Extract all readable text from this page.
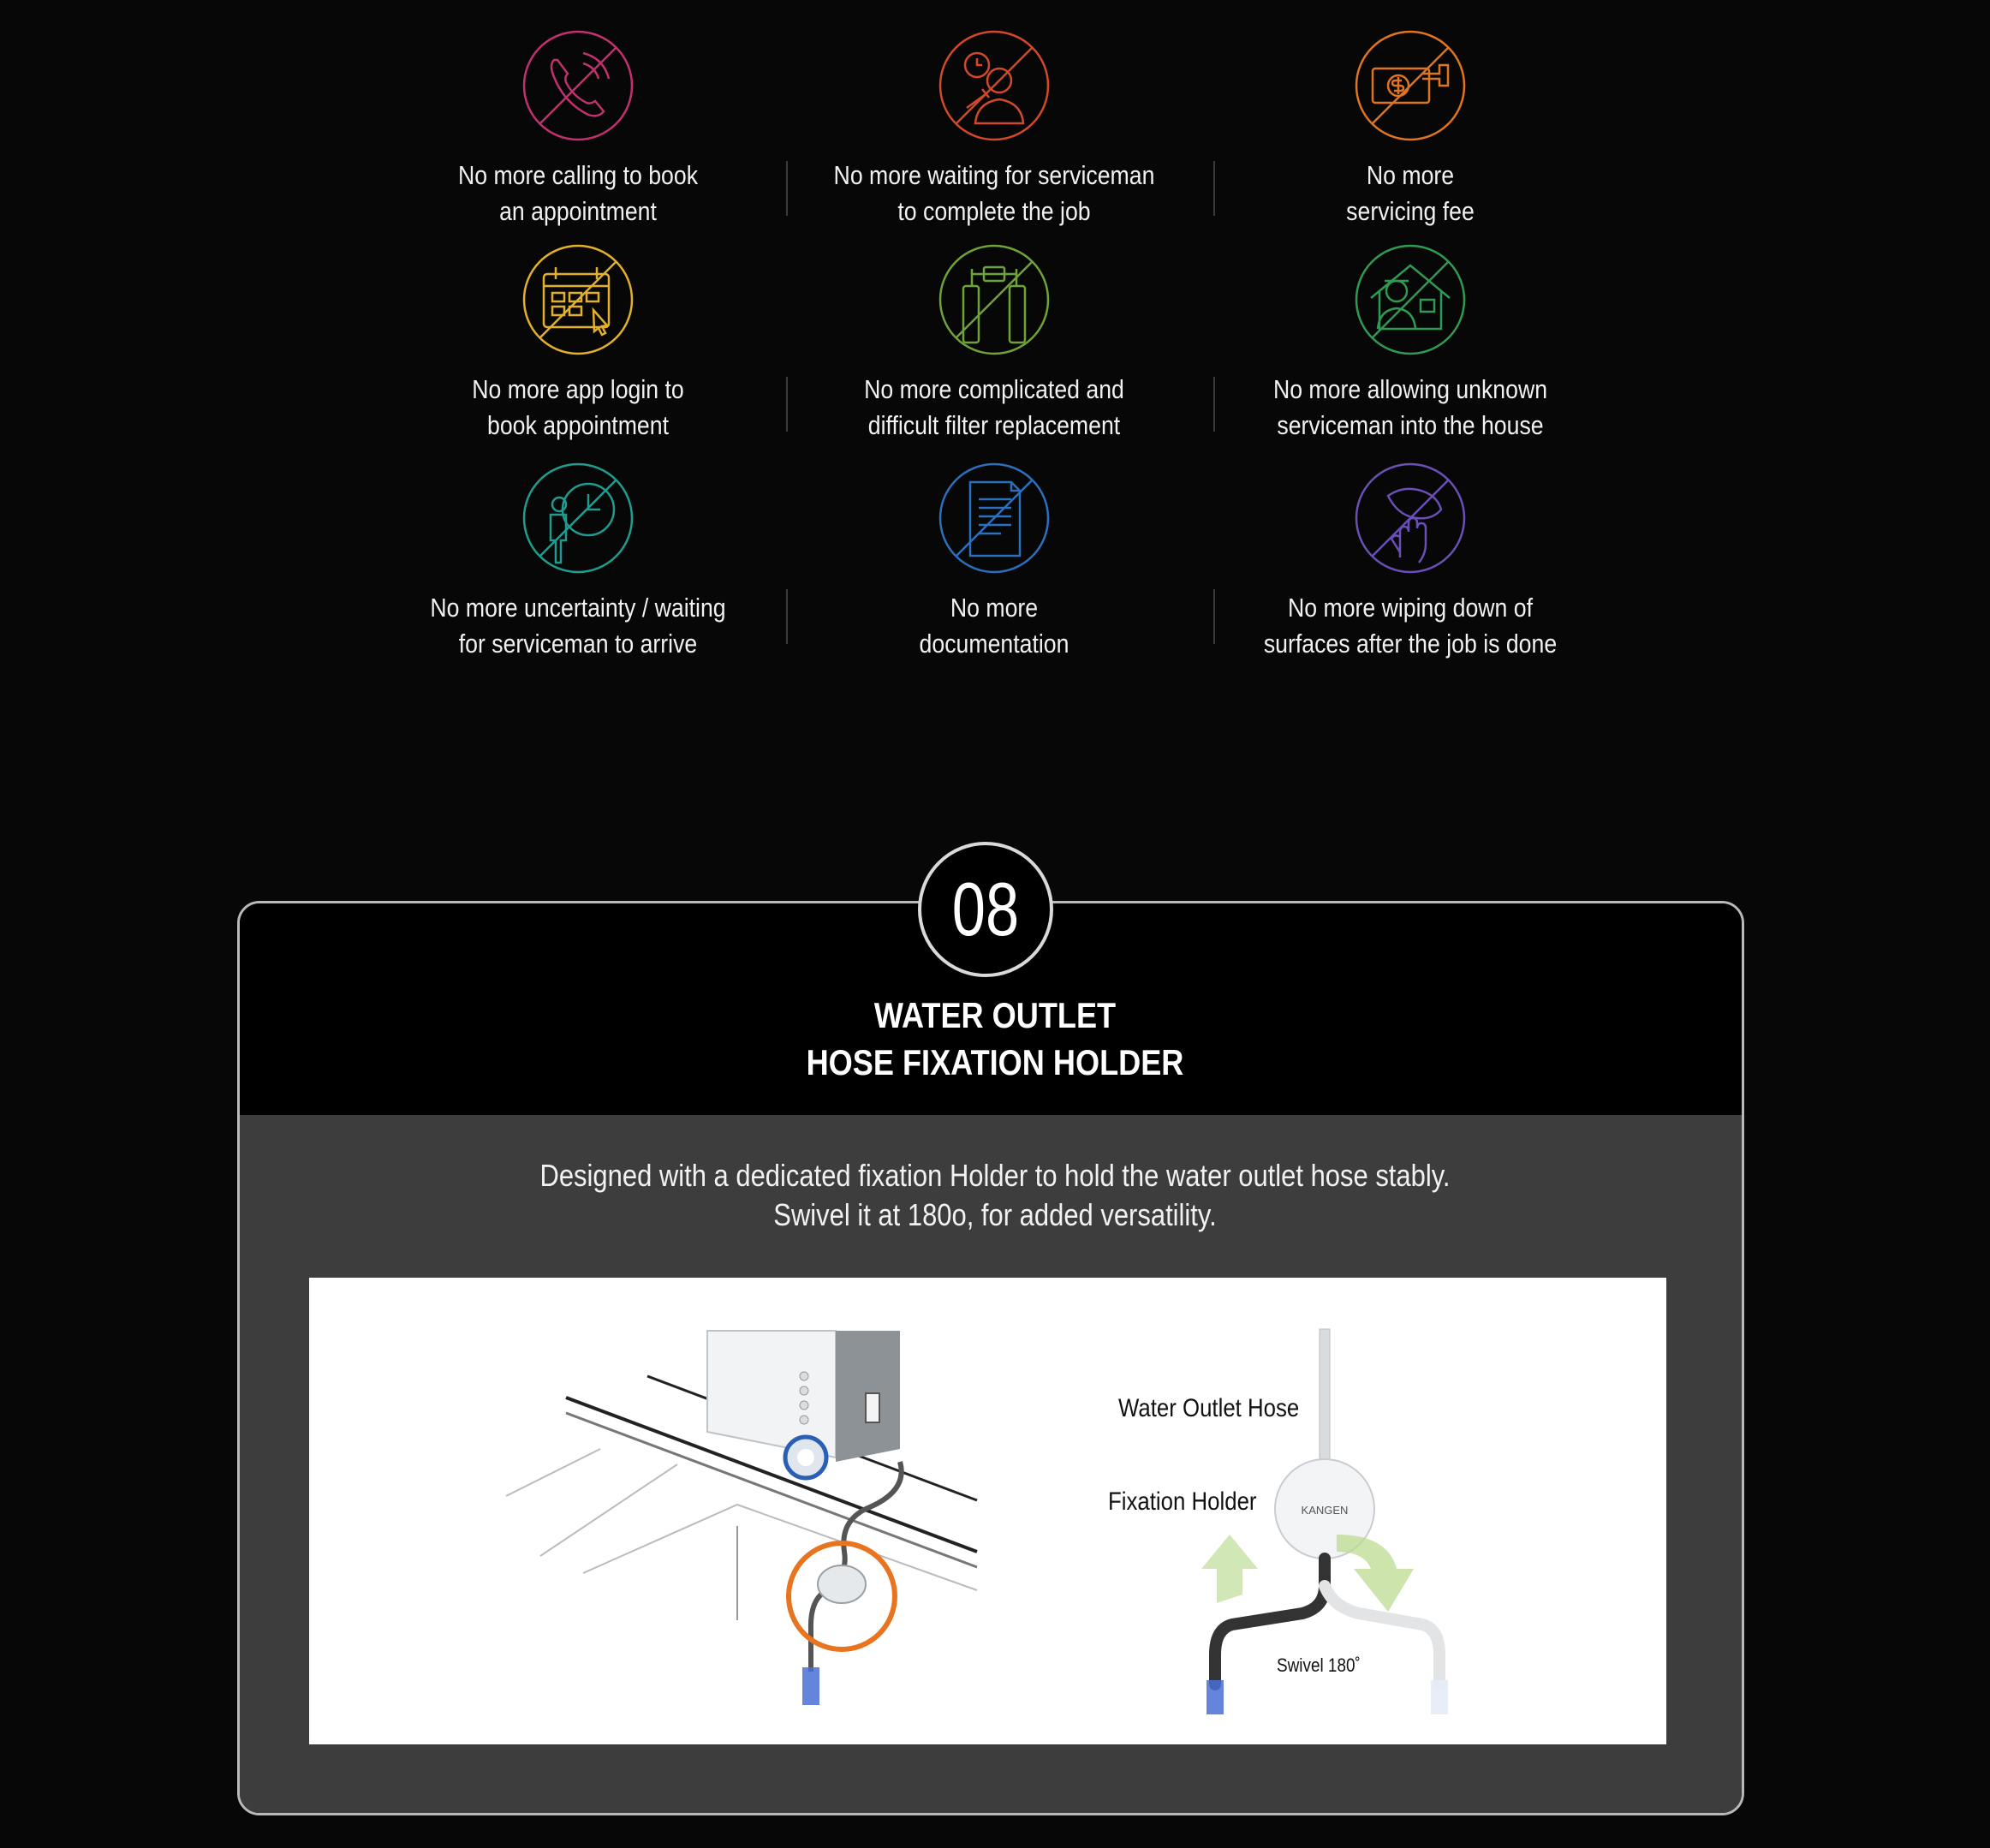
No more calling to book
an appointment
No more waiting for serviceman
to complete the job
No more
servicing fee
No more app login to
book appointment
No more complicated and
difficult filter replacement
No more allowing unknown
serviceman into the house
No more uncertainty / waiting
for serviceman to arrive
No more
documentation
No more wiping down of
surfaces after the job is done
08
WATER OUTLET
HOSE FIXATION HOLDER
Designed with a dedicated fixation Holder to hold the water outlet hose stably.
Swivel it at 180o, for added versatility.
KANGEN
Water Outlet Hose
Fixation Holder
Swivel 180˚
